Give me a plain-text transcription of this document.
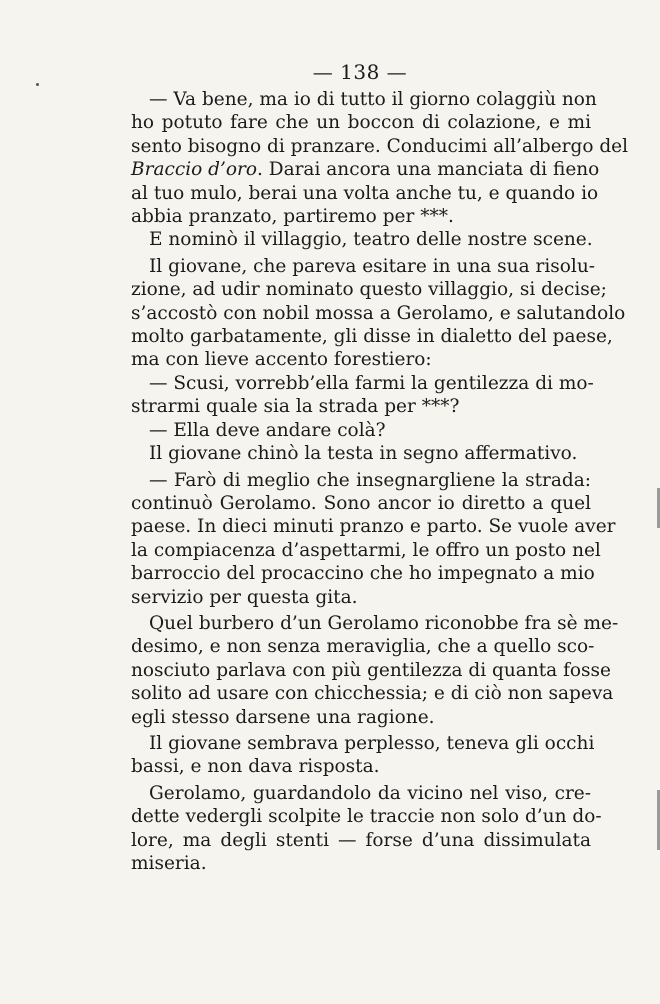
— 138 —
— Va bene, ma io di tutto il giorno colaggiù non
ho potuto fare che un boccon di colazione, e mi
sento bisogno di pranzare. Conducimi all’albergo del
Braccio d’oro. Darai ancora una manciata di fieno
al tuo mulo, berai una volta anche tu, e quando io
abbia pranzato, partiremo per ***.
E nominò il villaggio, teatro delle nostre scene.
Il giovane, che pareva esitare in una sua risolu-
zione, ad udir nominato questo villaggio, si decise;
s’accostò con nobil mossa a Gerolamo, e salutandolo
molto garbatamente, gli disse in dialetto del paese,
ma con lieve accento forestiero:
— Scusi, vorrebb’ella farmi la gentilezza di mo-
strarmi quale sia la strada per ***?
— Ella deve andare colà?
Il giovane chinò la testa in segno affermativo.
— Farò di meglio che insegnargliene la strada:
continuò Gerolamo. Sono ancor io diretto a quel
paese. In dieci minuti pranzo e parto. Se vuole aver
la compiacenza d’aspettarmi, le offro un posto nel
barroccio del procaccino che ho impegnato a mio
servizio per questa gita.
Quel burbero d’un Gerolamo riconobbe fra sè me-
desimo, e non senza meraviglia, che a quello sco-
nosciuto parlava con più gentilezza di quanta fosse
solito ad usare con chicchessia; e di ciò non sapeva
egli stesso darsene una ragione.
Il giovane sembrava perplesso, teneva gli occhi
bassi, e non dava risposta.
Gerolamo, guardandolo da vicino nel viso, cre-
dette vedergli scolpite le traccie non solo d’un do-
lore, ma degli stenti — forse d’una dissimulata
miseria.
